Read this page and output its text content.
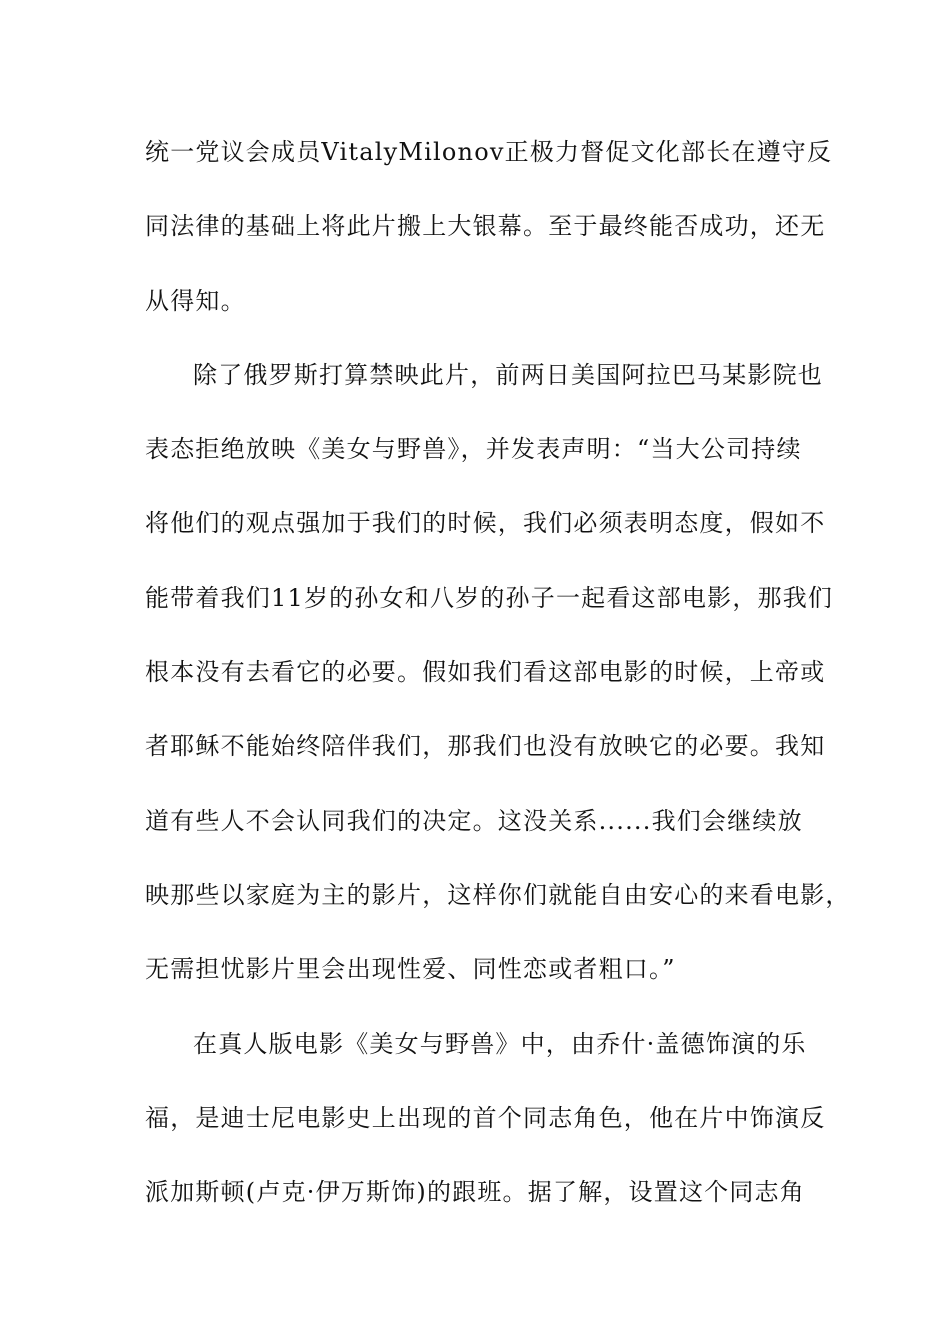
统一党议会成员VitalyMilonov正极力督促文化部长在遵守反
同法律的基础上将此片搬上大银幕。至于最终能否成功，还无
从得知。
除了俄罗斯打算禁映此片，前两日美国阿拉巴马某影院也
表态拒绝放映《美女与野兽》，并发表声明：“当大公司持续
将他们的观点强加于我们的时候，我们必须表明态度，假如不
能带着我们11岁的孙女和八岁的孙子一起看这部电影，那我们
根本没有去看它的必要。假如我们看这部电影的时候，上帝或
者耶稣不能始终陪伴我们，那我们也没有放映它的必要。我知
道有些人不会认同我们的决定。这没关系......我们会继续放
映那些以家庭为主的影片，这样你们就能自由安心的来看电影，
无需担忧影片里会出现性爱、同性恋或者粗口。”
在真人版电影《美女与野兽》中，由乔什·盖德饰演的乐
福，是迪士尼电影史上出现的首个同志角色，他在片中饰演反
派加斯顿(卢克·伊万斯饰)的跟班。据了解，设置这个同志角
